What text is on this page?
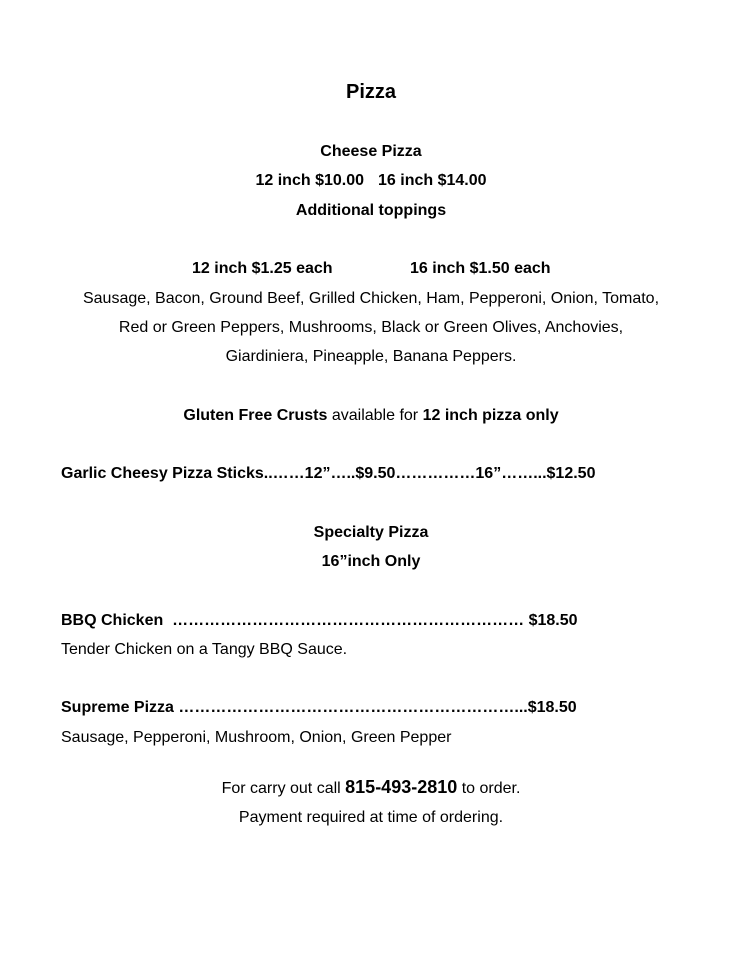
Pizza
Cheese Pizza
12 inch $10.00 16 inch $14.00
Additional toppings
12 inch $1.25 each	16 inch $1.50 each
Sausage, Bacon, Ground Beef, Grilled Chicken, Ham, Pepperoni, Onion, Tomato,
Red or Green Peppers, Mushrooms, Black or Green Olives, Anchovies,
Giardiniera, Pineapple, Banana Peppers.
Gluten Free Crusts available for 12 inch pizza only
Garlic Cheesy Pizza Sticks..……12”…..$9.50……………16”……...$12.50
Specialty Pizza
16”inch Only
BBQ Chicken  ………………………………………………………… $18.50
Tender Chicken on a Tangy BBQ Sauce.
Supreme Pizza ………………………………………………………...$18.50
Sausage, Pepperoni, Mushroom, Onion, Green Pepper
For carry out call 815-493-2810 to order.
Payment required at time of ordering.
